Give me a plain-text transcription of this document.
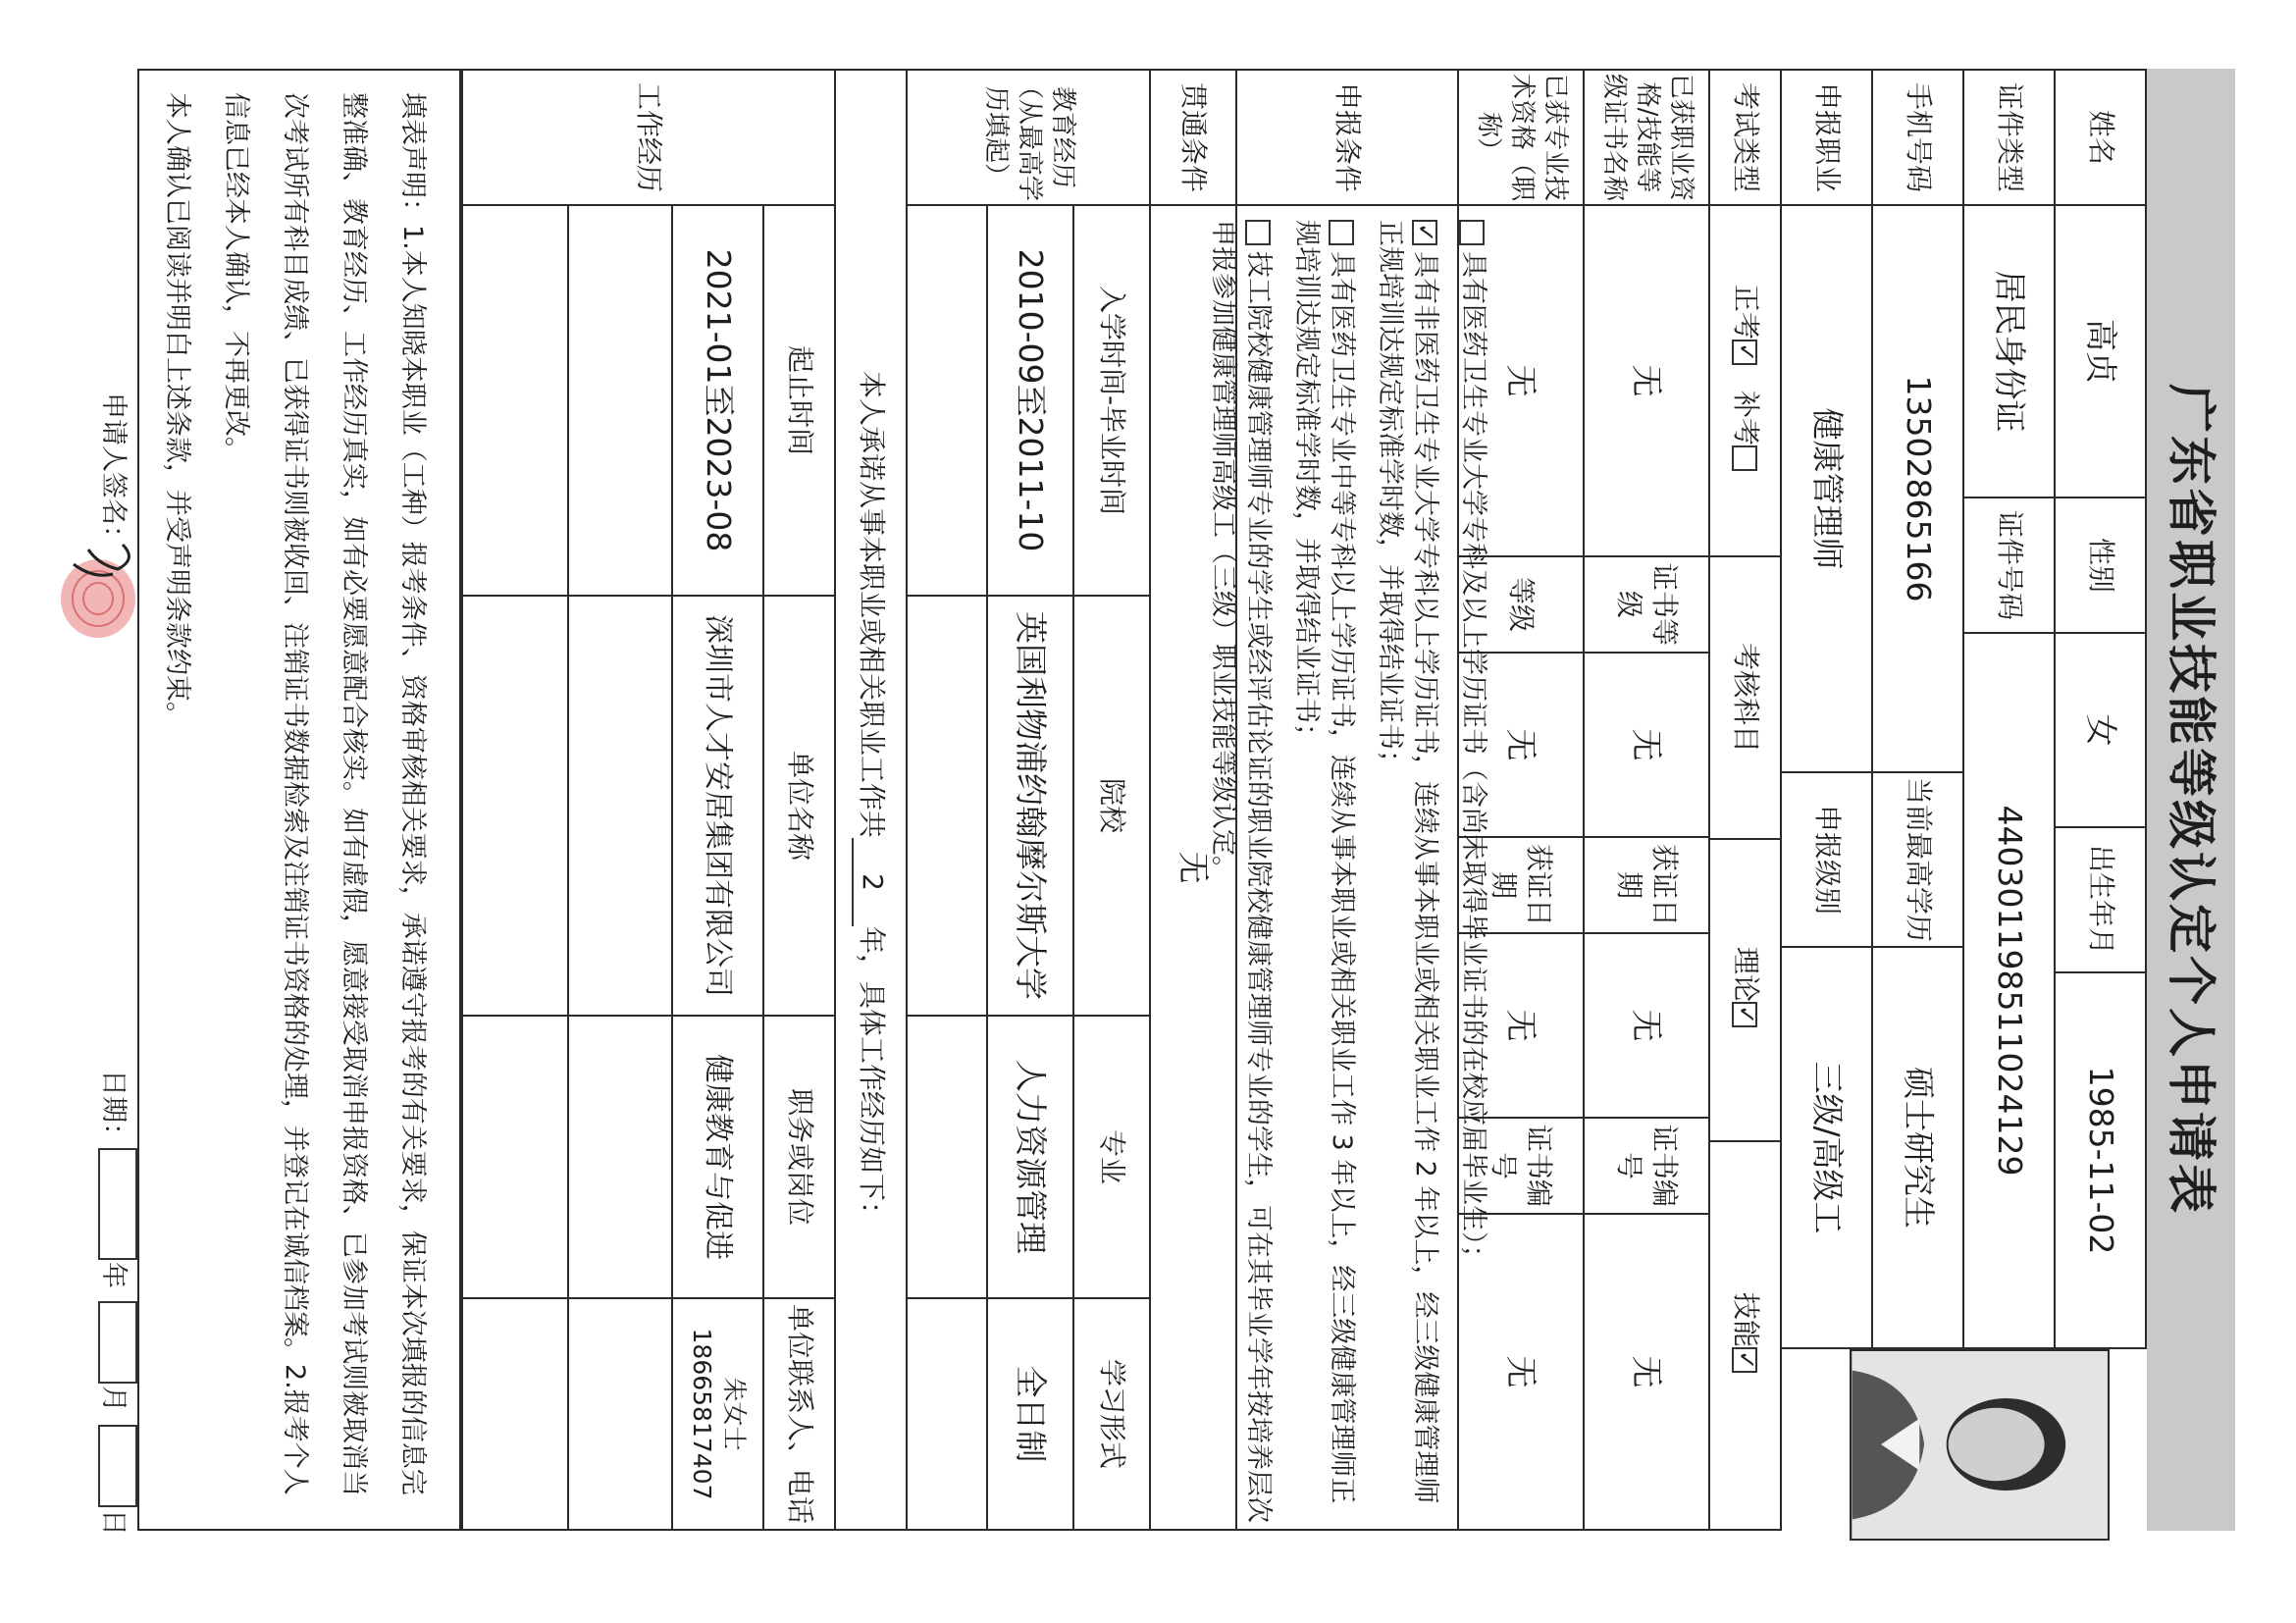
广东省职业技能等级认定个人申请表
姓名
高贞
性别
女
出生年月
1985-11-02
证件类型
居民身份证
证件号码
440301198511024129
手机号码
13502865166
当前最高学历
硕士研究生
申报职业
健康管理师
申报级别
三级/高级工
考试类型
正考
✓
补考
考核科目
理论
✓
技能
✓
已获职业资格/技能等级证书名称
无
证书等级
无
获证日期
无
证书编号
无
已获专业技术资格（职称）
无
等级
无
获证日期
无
证书编号
无
申报条件
具有医药卫生专业大学专科及以上学历证书（含尚未取得毕业证书的在校应届毕业生）；
✓具有非医药卫生专业大学专科以上学历证书，连续从事本职业或相关职业工作 2 年以上，经三级健康管理师正规培训达规定标准学时数，并取得结业证书；
具有医药卫生专业中等专科以上学历证书，连续从事本职业或相关职业工作 3 年以上，经三级健康管理师正规培训达规定标准学时数，并取得结业证书；
技工院校健康管理师专业的学生或经评估论证的职业院校健康管理师专业的学生，可在其毕业学年按培养层次申报参加健康管理师高级工（三级）职业技能等级认定。
贯通条件
无
教育经历（从最高学历填起）
入学时间-毕业时间
院校
专业
学习形式
2010-09至2011-10
英国利物浦约翰摩尔斯大学
人力资源管理
全日制
本人承诺从事本职业或相关职业工作共
2
年，具体工作经历如下：
工作经历
起止时间
单位名称
职务或岗位
单位联系人、电话
2021-01至2023-08
深圳市人才安居集团有限公司
健康教育与促进
朱女士 18665817407
填表声明：1.本人知晓本职业（工种）报考条件、资格审核相关要求，承诺遵守报考的有关要求，保证本次填报的信息完整准确、教育经历、工作经历真实，如有必要愿意配合核实。如有虚假，愿意接受取消申报资格、已参加考试则被取消当次考试所有科目成绩、已获得证书则被收回、注销证书数据检索及注销证书资格的处理，并登记在诚信档案。2.报考个人信息已经本人确认，不再更改。
本人确认已阅读并明白上述条款，并受声明条款约束。
申请人签名：
日期：
年
月
日
